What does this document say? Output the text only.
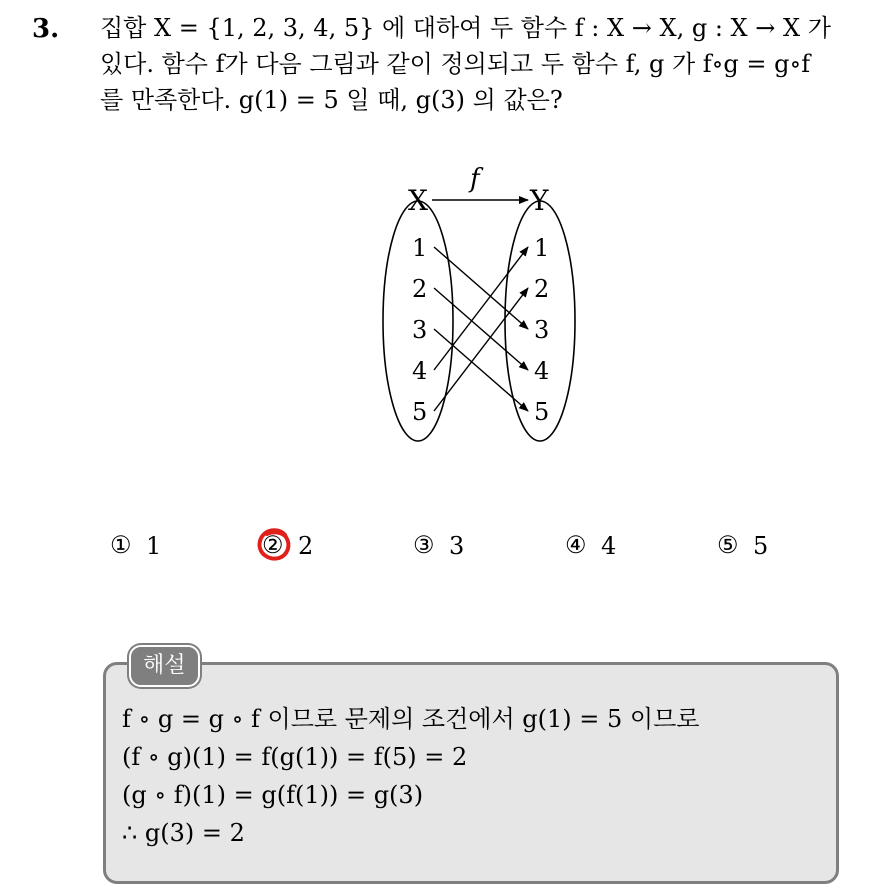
3. 집합 X = {1, 2, 3, 4, 5} 에 대하여 두 함수 f : X → X, g : X → X 가
있다. 함수 f가 다음 그림과 같이 정의되고 두 함수 f, g 가 f∘g = g∘f
를 만족한다. g(1) = 5 일 때, g(3) 의 값은?
X	Y
f
1
2
3
4
5
1
2
3
4
5
① 1	② 2	③ 3	④ 4	⑤ 5
해설
f ∘ g = g ∘ f 이므로 문제의 조건에서 g(1) = 5 이므로
(f ∘ g)(1) = f(g(1)) = f(5) = 2
(g ∘ f)(1) = g(f(1)) = g(3)
∴ g(3) = 2
